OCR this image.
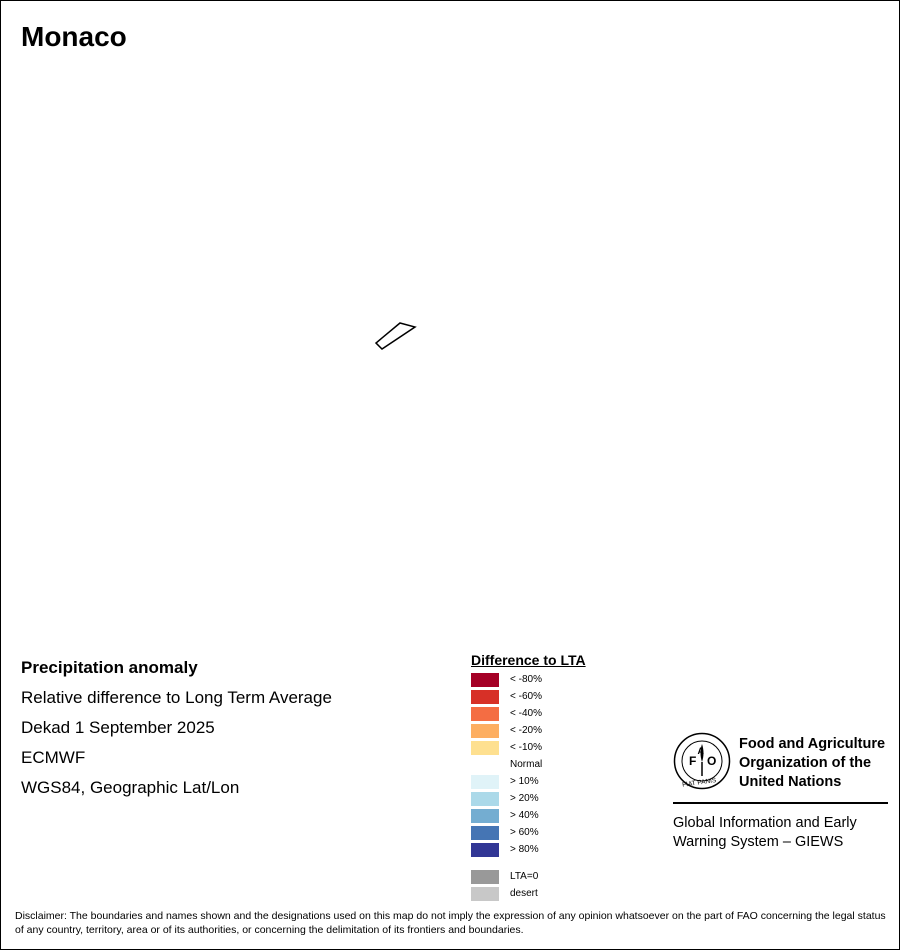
Monaco
Precipitation anomaly
Relative difference to Long Term Average
Dekad 1 September 2025
ECMWF
WGS84, Geographic Lat/Lon
Difference to LTA
< -80%
< -60%
< -40%
< -20%
< -10%
Normal
> 10%
> 20%
> 40%
> 60%
> 80%
LTA=0
desert
F
A
O
FIAT PANIS
Food and Agriculture
Organization of the
United Nations
Global Information and Early
Warning System – GIEWS
Disclaimer: The boundaries and names shown and the designations used on this map do not imply the expression of any opinion whatsoever on the part of FAO concerning the legal status of any country, territory, area or of its authorities, or concerning the delimitation of its frontiers and boundaries.
